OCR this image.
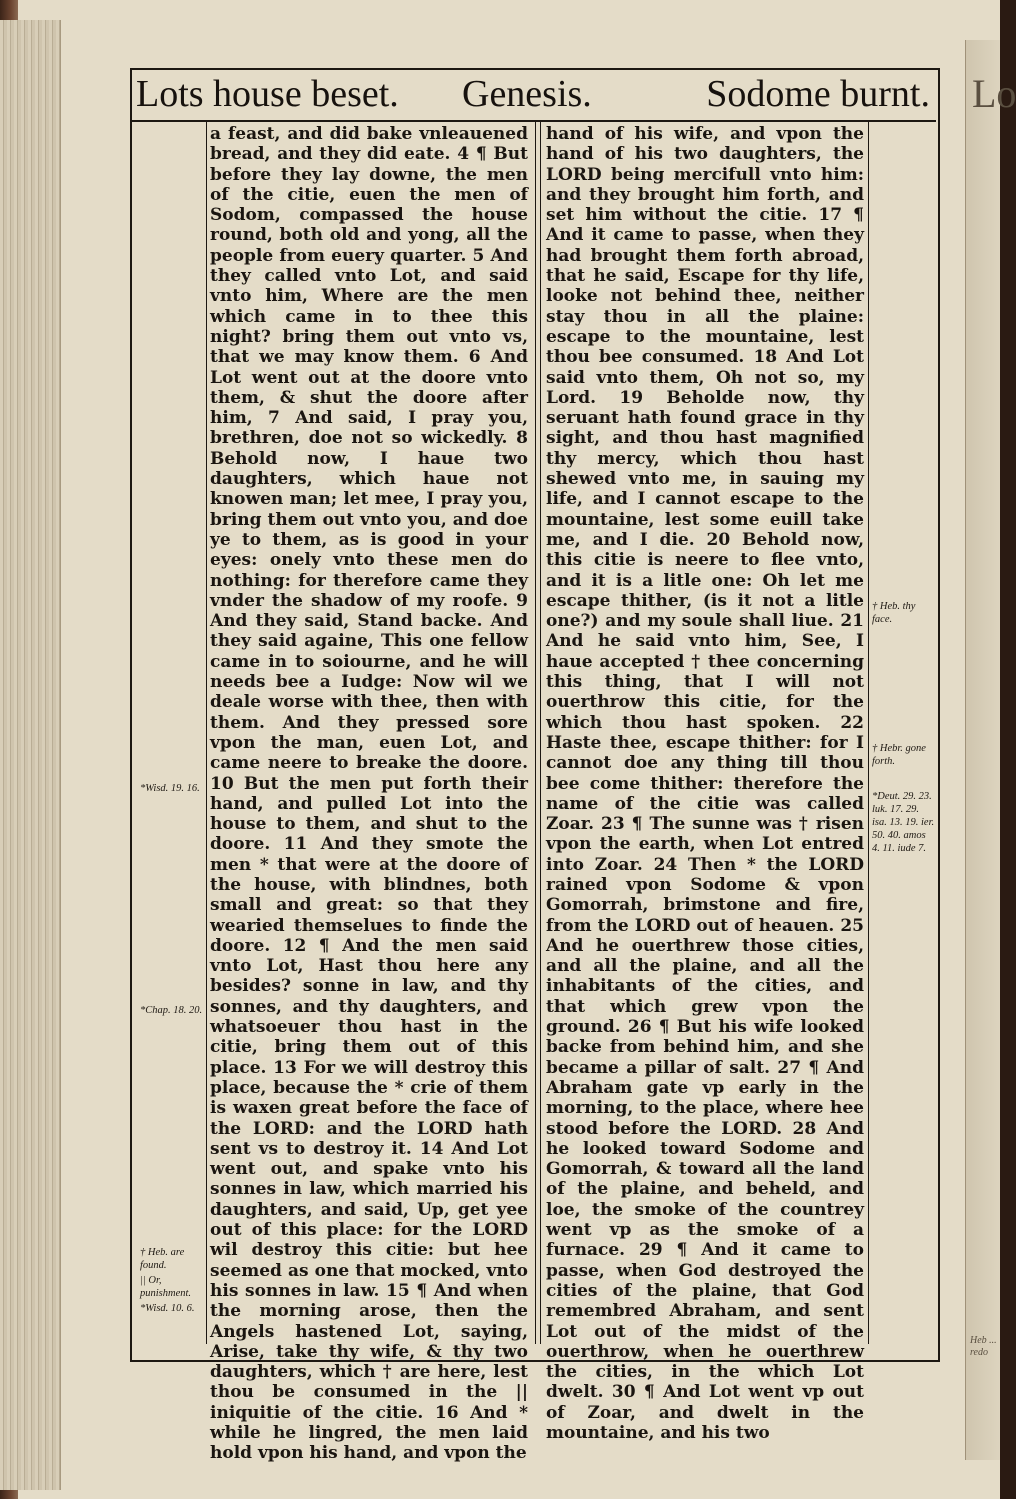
Lo
Heb ... redo
Lots house beset. Genesis.	Sodome burnt.

a feast, and did bake vnleauened bread, and they did eate. 4 ¶ But before they lay downe, the men of the citie, euen the men of Sodom, compassed the house round, both old and yong, all the people from euery quarter. 5 And they called vnto Lot, and said vnto him, Where are the men which came in to thee this night? bring them out vnto vs, that we may know them. 6 And Lot went out at the doore vnto them, & shut the doore after him, 7 And said, I pray you, brethren, doe not so wickedly. 8 Behold now, I haue two daughters, which haue not knowen man; let mee, I pray you, bring them out vnto you, and doe ye to them, as is good in your eyes: onely vnto these men do nothing: for therefore came they vnder the shadow of my roofe. 9 And they said, Stand backe. And they said againe, This one fellow came in to soiourne, and he will needs bee a Iudge: Now wil we deale worse with thee, then with them. And they pressed sore vpon the man, euen Lot, and came neere to breake the doore. 10 But the men put forth their hand, and pulled Lot into the house to them, and shut to the doore. 11 And they smote the men * that were at the doore of the house, with blindnes, both small and great: so that they wearied themselues to finde the doore. 12 ¶ And the men said vnto Lot, Hast thou here any besides? sonne in law, and thy sonnes, and thy daughters, and whatsoeuer thou hast in the citie, bring them out of this place. 13 For we will destroy this place, because the * crie of them is waxen great before the face of the LORD: and the LORD hath sent vs to destroy it. 14 And Lot went out, and spake vnto his sonnes in law, which married his daughters, and said, Up, get yee out of this place: for the LORD wil destroy this citie: but hee seemed as one that mocked, vnto his sonnes in law. 15 ¶ And when the morning arose, then the Angels hastened Lot, saying, Arise, take thy wife, & thy two daughters, which † are here, lest thou be consumed in the || iniquitie of the citie. 16 And * while he lingred, the men laid hold vpon his hand, and vpon the

hand of his wife, and vpon the hand of his two daughters, the LORD being mercifull vnto him: and they brought him forth, and set him without the citie. 17 ¶ And it came to passe, when they had brought them forth abroad, that he said, Escape for thy life, looke not behind thee, neither stay thou in all the plaine: escape to the mountaine, lest thou bee consumed. 18 And Lot said vnto them, Oh not so, my Lord. 19 Beholde now, thy seruant hath found grace in thy sight, and thou hast magnified thy mercy, which thou hast shewed vnto me, in sauing my life, and I cannot escape to the mountaine, lest some euill take me, and I die. 20 Behold now, this citie is neere to flee vnto, and it is a litle one: Oh let me escape thither, (is it not a litle one?) and my soule shall liue. 21 And he said vnto him, See, I haue accepted † thee concerning this thing, that I will not ouerthrow this citie, for the which thou hast spoken. 22 Haste thee, escape thither: for I cannot doe any thing till thou bee come thither: therefore the name of the citie was called Zoar. 23 ¶ The sunne was † risen vpon the earth, when Lot entred into Zoar. 24 Then * the LORD rained vpon Sodome & vpon Gomorrah, brimstone and fire, from the LORD out of heauen. 25 And he ouerthrew those cities, and all the plaine, and all the inhabitants of the cities, and that which grew vpon the ground. 26 ¶ But his wife looked backe from behind him, and she became a pillar of salt. 27 ¶ And Abraham gate vp early in the morning, to the place, where hee stood before the LORD. 28 And he looked toward Sodome and Gomorrah, & toward all the land of the plaine, and beheld, and loe, the smoke of the countrey went vp as the smoke of a furnace. 29 ¶ And it came to passe, when God destroyed the cities of the plaine, that God remembred Abraham, and sent Lot out of the midst of the ouerthrow, when he ouerthrew the cities, in the which Lot dwelt. 30 ¶ And Lot went vp out of Zoar, and dwelt in the mountaine, and his two

*Wisd. 19. 16.
*Chap. 18. 20.
† Heb. are found.
|| Or, punishment.
*Wisd. 10. 6.
† Heb. thy face.
† Hebr. gone forth.
*Deut. 29. 23. luk. 17. 29. isa. 13. 19. ier. 50. 40. amos 4. 11. iude 7.
